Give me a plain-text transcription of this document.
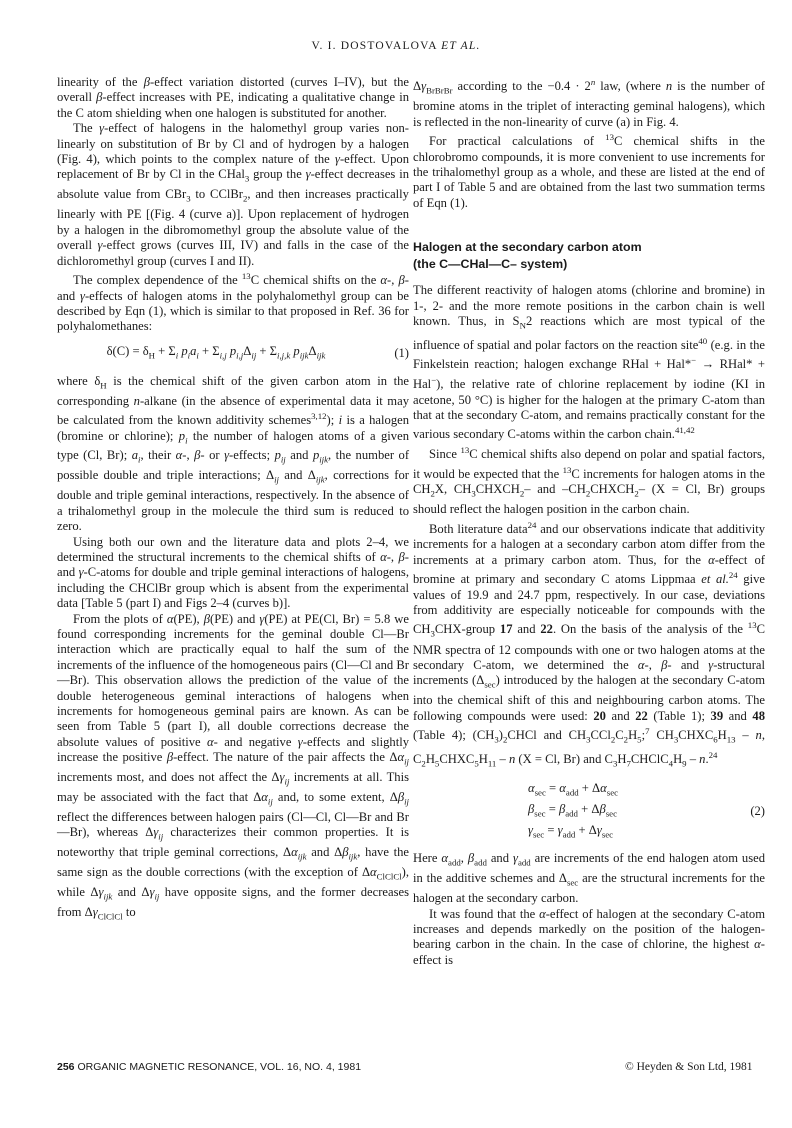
V. I. DOSTOVALOVA ET AL.

linearity of the β-effect variation distorted (curves I–IV), but the overall β-effect increases with PE, indicating a qualitative change in the C atom shielding when one halogen is substituted for another.

The γ-effect of halogens in the halomethyl group varies non-linearly on substitution of Br by Cl and of hydrogen by a halogen (Fig. 4), which points to the complex nature of the γ-effect. Upon replacement of Br by Cl in the CHal$_3$ group the γ-effect decreases in absolute value from CBr$_3$ to CClBr$_2$, and then increases practically linearly with PE [(Fig. 4 (curve a)]. Upon replacement of hydrogen by a halogen in the dibromomethyl group the absolute value of the overall γ-effect grows (curves III, IV) and falls in the case of the dichloromethyl group (curves I and II).

The complex dependence of the $^{13}$C chemical shifts on the α-, β- and γ-effects of halogen atoms in the polyhalomethyl group can be described by Eqn (1), which is similar to that proposed in Ref. 36 for polyhalomethanes:

$\delta(C) = \delta_H + \Sigma_i$ $p_ia_i + \Sigma_{i,j}$ $p_{i,j}\Delta_{ij} + \Sigma_{i,j,k}$ $p_{ijk}\Delta_{ijk}$	(1)

where $\delta_H$ is the chemical shift of the given carbon atom in the corresponding n-alkane (in the absence of experimental data it may be calculated from the known additivity schemes$^{3,12}$); i is a halogen (bromine or chlorine); $p_i$ the number of halogen atoms of a given type (Cl, Br); $a_i$, their α-, β- or γ-effects; $p_{ij}$ and $p_{ijk}$, the number of possible double and triple interactions; $\Delta_{ij}$ and $\Delta_{ijk}$, corrections for double and triple geminal interactions, respectively. In the absence of a trihalomethyl group in the molecule the third sum is reduced to zero.

Using both our own and the literature data and plots 2–4, we determined the structural increments to the chemical shifts of α-, β- and γ-C-atoms for double and triple geminal interactions of halogens, including the CHClBr group which is absent from the experimental data [Table 5 (part I) and Figs 2–4 (curves b)].

From the plots of α(PE), β(PE) and γ(PE) at PE(Cl, Br) = 5.8 we found corresponding increments for the geminal double Cl—Br interaction which are practically equal to half the sum of the increments of the influence of the homogeneous pairs (Cl—Cl and Br—Br). This observation allows the prediction of the value of the double heterogeneous geminal interactions of halogens when increments for homogeneous geminal pairs are known. As can be seen from Table 5 (part I), all double corrections decrease the absolute values of positive α- and negative γ-effects and slightly increase the positive β-effect. The nature of the pair affects the $\Delta\alpha_{ij}$ increments most, and does not affect the $\Delta\gamma_{ij}$ increments at all. This may be associated with the fact that $\Delta\alpha_{ij}$ and, to some extent, $\Delta\beta_{ij}$ reflect the differences between halogen pairs (Cl—Cl, Cl—Br and Br—Br), whereas $\Delta\gamma_{ij}$ characterizes their common properties. It is noteworthy that triple geminal corrections, $\Delta\alpha_{ijk}$ and $\Delta\beta_{ijk}$, have the same sign as the double corrections (with the exception of $\Delta\alpha_{ClClCl}$), while $\Delta\gamma_{ijk}$ and $\Delta\gamma_{ij}$ have opposite signs, and the former decreases from $\Delta\gamma_{ClClCl}$ to

$\Delta\gamma_{BrBrBr}$ according to the $-0.4 \cdot 2^n$ law, (where n is the number of bromine atoms in the triplet of interacting geminal halogens), which is reflected in the non-linearity of curve (a) in Fig. 4.

For practical calculations of $^{13}$C chemical shifts in the chlorobromo compounds, it is more convenient to use increments for the trihalomethyl group as a whole, and these are listed at the end of part I of Table 5 and are obtained from the last two summation terms of Eqn (1).

Halogen at the secondary carbon atom
(the C—CHal—C– system)

The different reactivity of halogen atoms (chlorine and bromine) in 1-, 2- and the more remote positions in the carbon chain is well known. Thus, in $S_N2$ reactions which are most typical of the influence of spatial and polar factors on the reaction site$^{40}$ (e.g. in the Finkelstein reaction; halogen exchange RHal + Hal*− → RHal* + Hal−), the relative rate of chlorine replacement by iodine (KI in acetone, 50 °C) is higher for the halogen at the primary C-atom than that at the secondary C-atom, and remains practically constant for the various secondary C-atoms within the carbon chain.$^{41,42}$

Since $^{13}$C chemical shifts also depend on polar and spatial factors, it would be expected that the $^{13}$C increments for halogen atoms in the $CH_2X$, $CH_3CHXCH_2-$ and $-CH_2CHXCH_2-$ (X = Cl, Br) groups should reflect the halogen position in the carbon chain.

Both literature data$^{24}$ and our observations indicate that additivity increments for a halogen at a secondary carbon atom differ from the increments at a primary carbon atom. Thus, for the α-effect of bromine at primary and secondary C atoms Lippmaa et al.$^{24}$ give values of 19.9 and 24.7 ppm, respectively. In our case, deviations from additivity are especially noticeable for compounds with the $CH_3CHX$-group 17 and 22. On the basis of the analysis of the $^{13}$C NMR spectra of 12 compounds with one or two halogen atoms at the secondary C-atom, we determined the α-, β- and γ-structural increments $(\Delta_{sec})$ introduced by the halogen at the secondary C-atom into the chemical shift of this and neighbouring carbon atoms. The following compounds were used: 20 and 22 (Table 1); 39 and 48 (Table 4); $(CH_3)_2CHCl$ and $CH_3CCl_2C_2H_5;^7$ $CH_3CHXC_6H_{13}$ – n, $C_2H_5CHXC_5H_{11}$ – n (X = Cl, Br) and $C_3H_7CHClC_4H_9 - n.^{24}$

$\alpha_{sec} = \alpha_{add} + \Delta\alpha_{sec}$
$\beta_{sec} = \beta_{add} + \Delta\beta_{sec}$
$\gamma_{sec} = \gamma_{add} + \Delta\gamma_{sec}$
(2)

Here $\alpha_{add}$, $\beta_{add}$ and $\gamma_{add}$ are increments of the end halogen atom used in the additive schemes and $\Delta_{sec}$ are the structural increments for the halogen at the secondary carbon.

It was found that the α-effect of halogen at the secondary C-atom increases and depends markedly on the position of the halogen-bearing carbon in the chain. In the case of chlorine, the highest α-effect is

256 ORGANIC MAGNETIC RESONANCE, VOL. 16, NO. 4, 1981	© Heyden & Son Ltd, 1981
